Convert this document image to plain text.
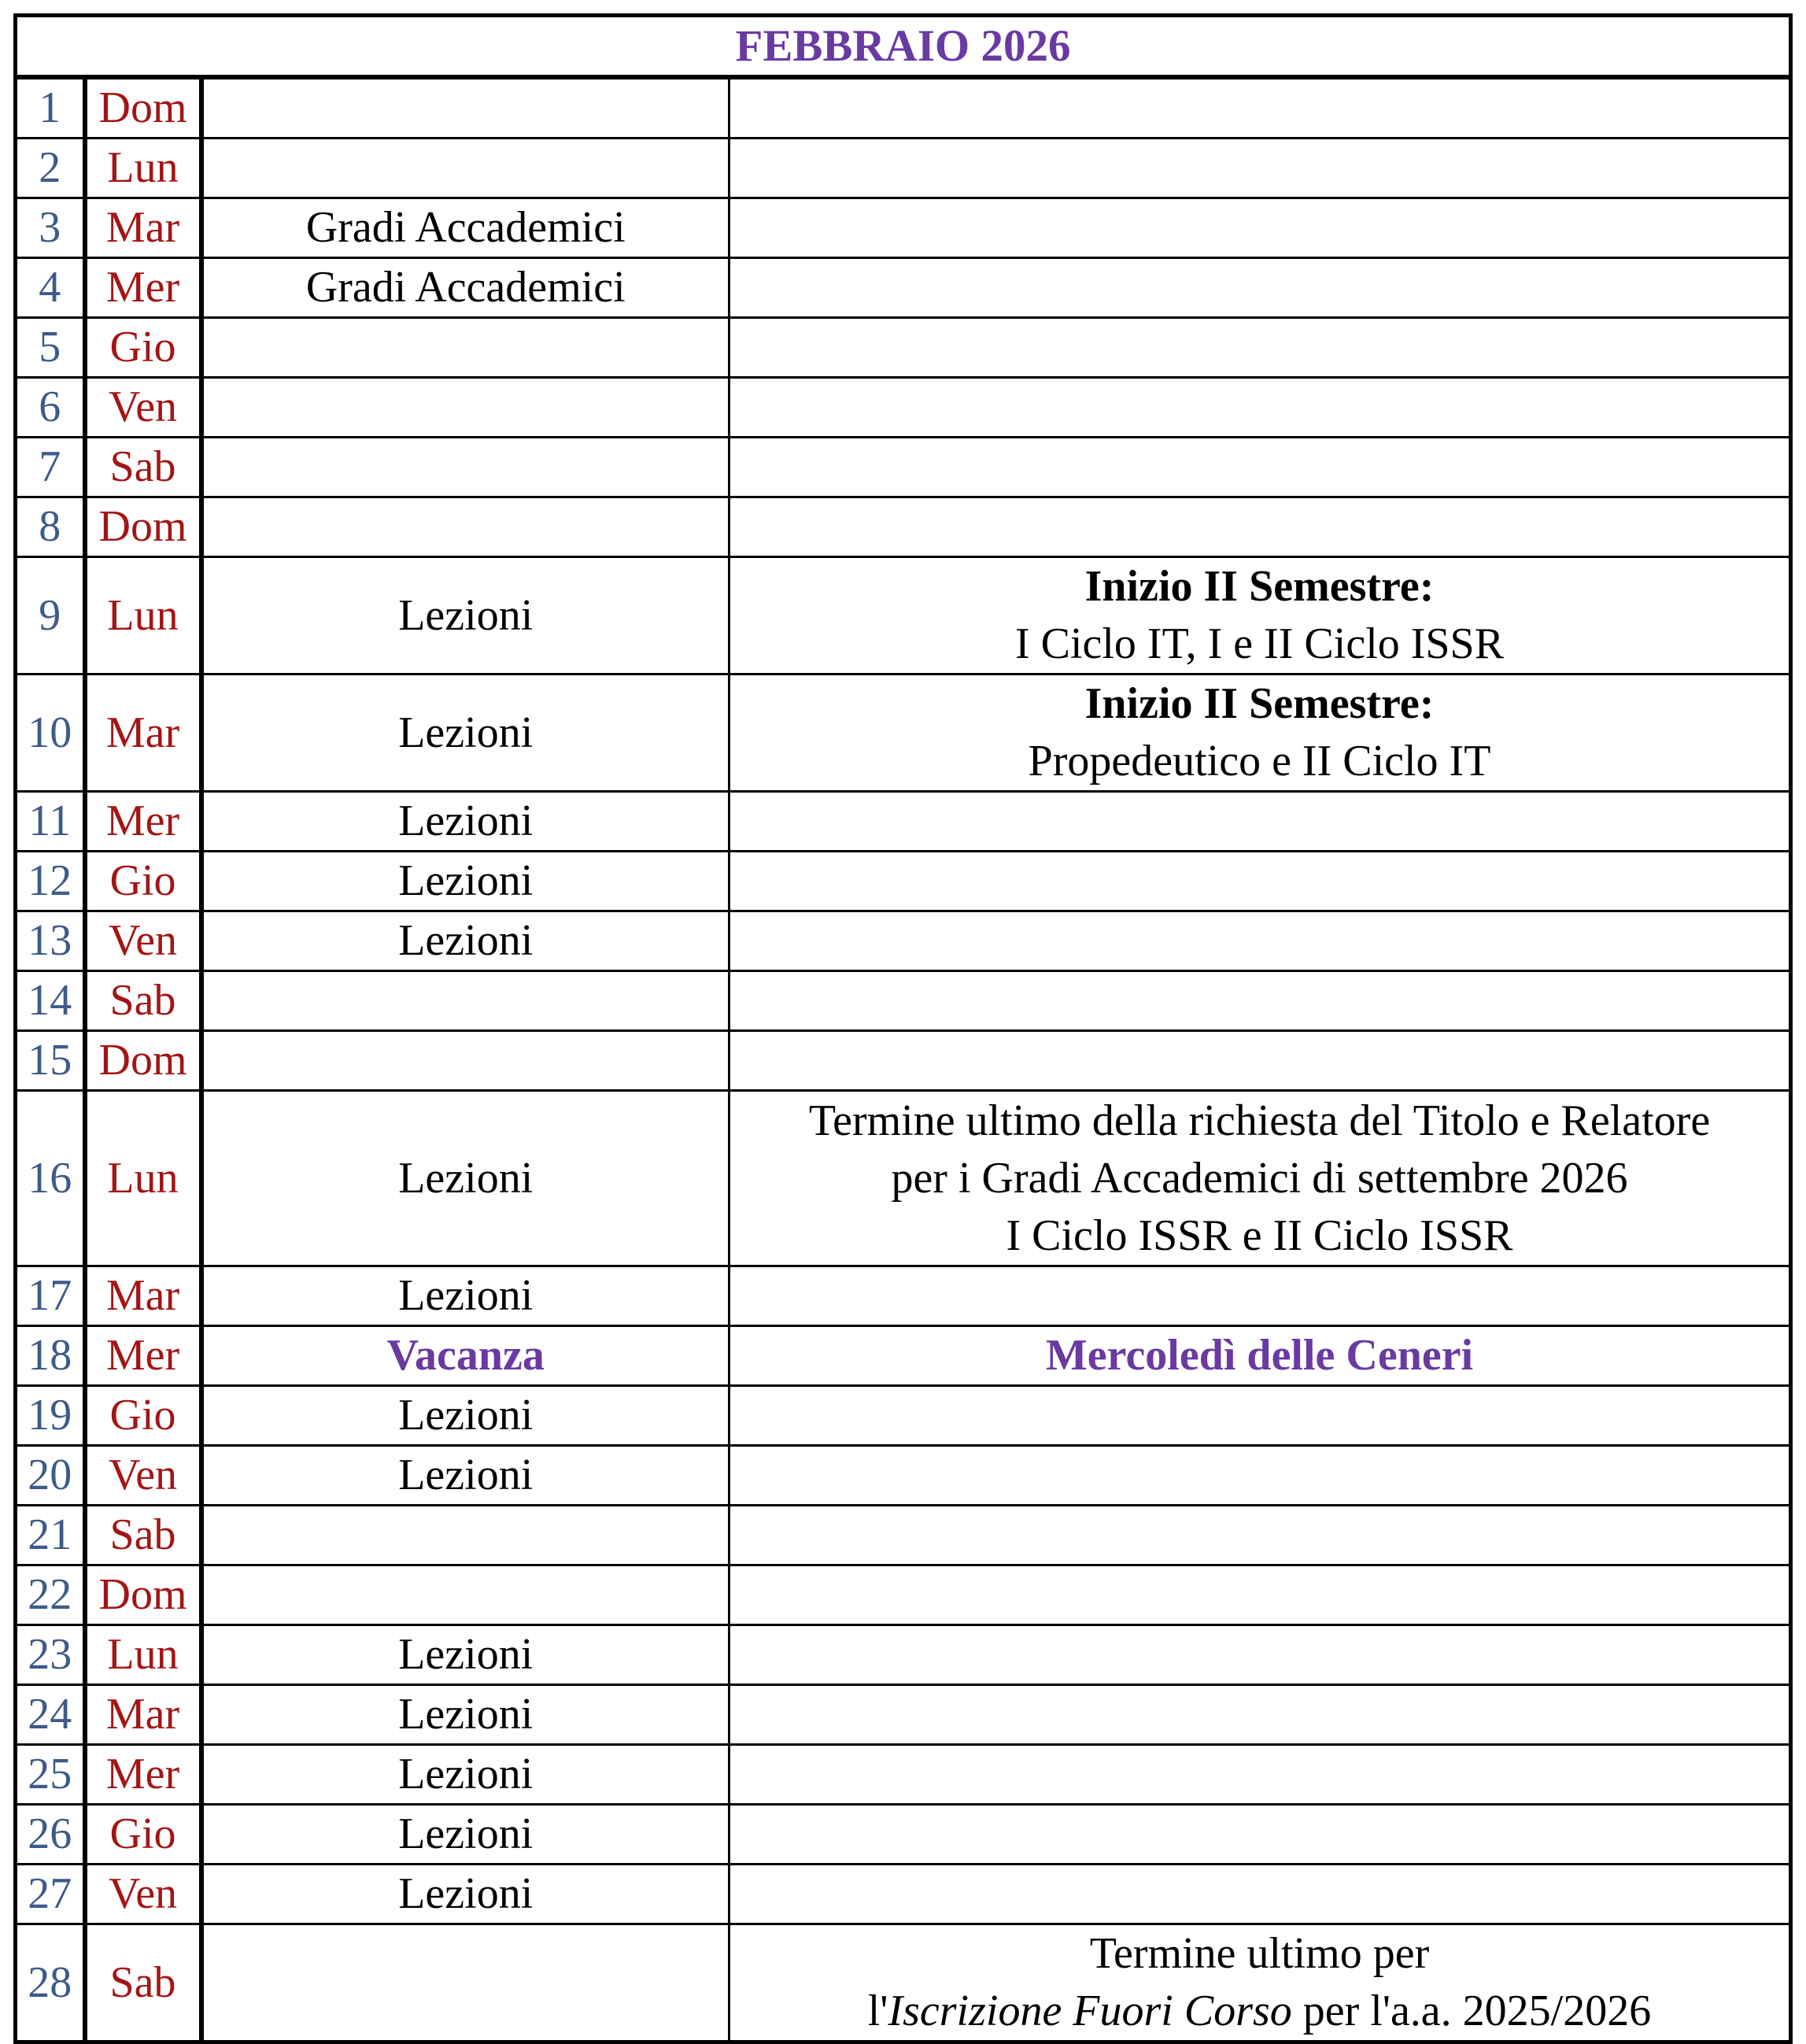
FEBBRAIO 2026			
1	Dom		
2	Lun		
3	Mar	Gradi Accademici	
4	Mer	Gradi Accademici	
5	Gio		
6	Ven		
7	Sab		
8	Dom		
9	Lun	Lezioni	Inizio II Semestre:
I Ciclo IT, I e II Ciclo ISSR

10	Mar	Lezioni	Inizio II Semestre:
Propedeutico e II Ciclo IT

11	Mer	Lezioni	
12	Gio	Lezioni	
13	Ven	Lezioni	
14	Sab		
15	Dom		
16	Lun	Lezioni	Termine ultimo della richiesta del Titolo e Relatore
per i Gradi Accademici di settembre 2026
I Ciclo ISSR e II Ciclo ISSR

17	Mar	Lezioni	
18	Mer	Vacanza	Mercoledì delle Ceneri

19	Gio	Lezioni	
20	Ven	Lezioni	
21	Sab		
22	Dom		
23	Lun	Lezioni	
24	Mar	Lezioni	
25	Mer	Lezioni	
26	Gio	Lezioni	
27	Ven	Lezioni	
28	Sab		Termine ultimo per
l'Iscrizione Fuori Corso per l'a.a. 2025/2026
